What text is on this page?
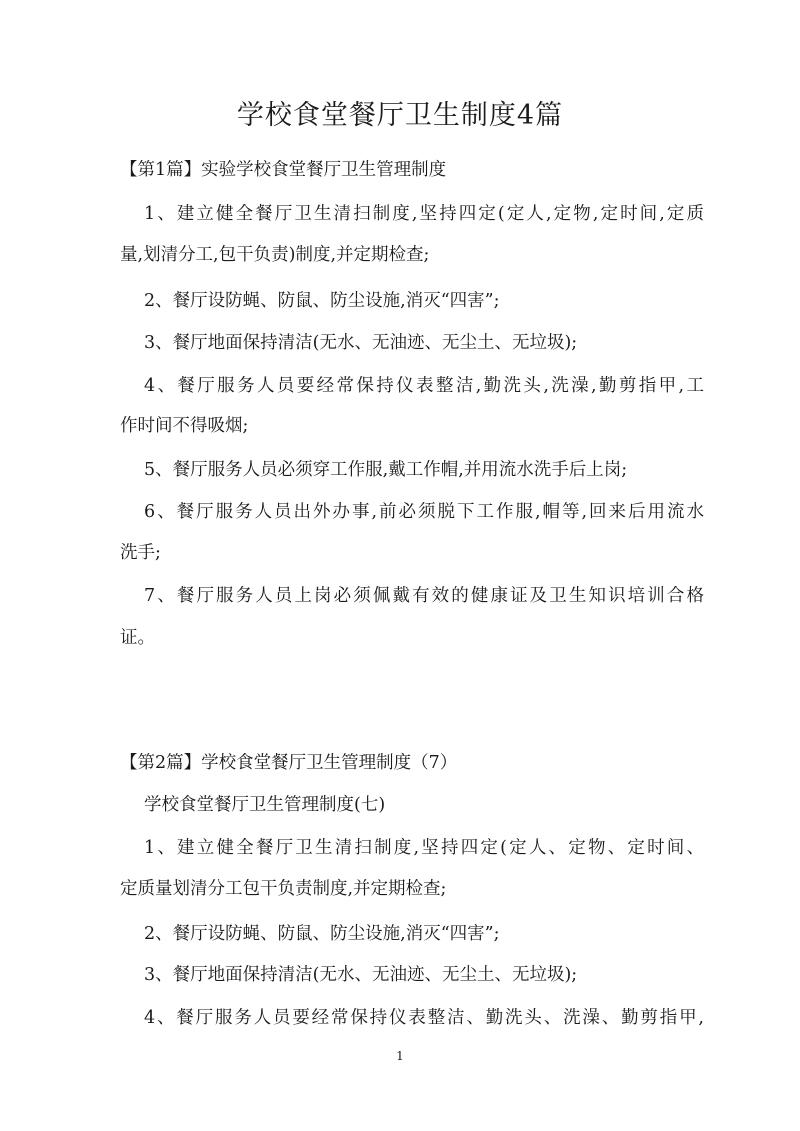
学校食堂餐厅卫生制度4篇
【第1篇】实验学校食堂餐厅卫生管理制度
1、建立健全餐厅卫生清扫制度,坚持四定(定人,定物,定时间,定质
量,划清分工,包干负责)制度,并定期检查;
2、餐厅设防蝇、防鼠、防尘设施,消灭“四害”;
3、餐厅地面保持清洁(无水、无油迹、无尘土、无垃圾);
4、餐厅服务人员要经常保持仪表整洁,勤洗头,洗澡,勤剪指甲,工
作时间不得吸烟;
5、餐厅服务人员必须穿工作服,戴工作帽,并用流水洗手后上岗;
6、餐厅服务人员出外办事,前必须脱下工作服,帽等,回来后用流水
洗手;
7、餐厅服务人员上岗必须佩戴有效的健康证及卫生知识培训合格
证。
【第2篇】学校食堂餐厅卫生管理制度（7）
学校食堂餐厅卫生管理制度(七)
1、建立健全餐厅卫生清扫制度,坚持四定(定人、定物、定时间、
定质量划清分工包干负责制度,并定期检查;
2、餐厅设防蝇、防鼠、防尘设施,消灭“四害”;
3、餐厅地面保持清洁(无水、无油迹、无尘土、无垃圾);
4、餐厅服务人员要经常保持仪表整洁、勤洗头、洗澡、勤剪指甲,
1
